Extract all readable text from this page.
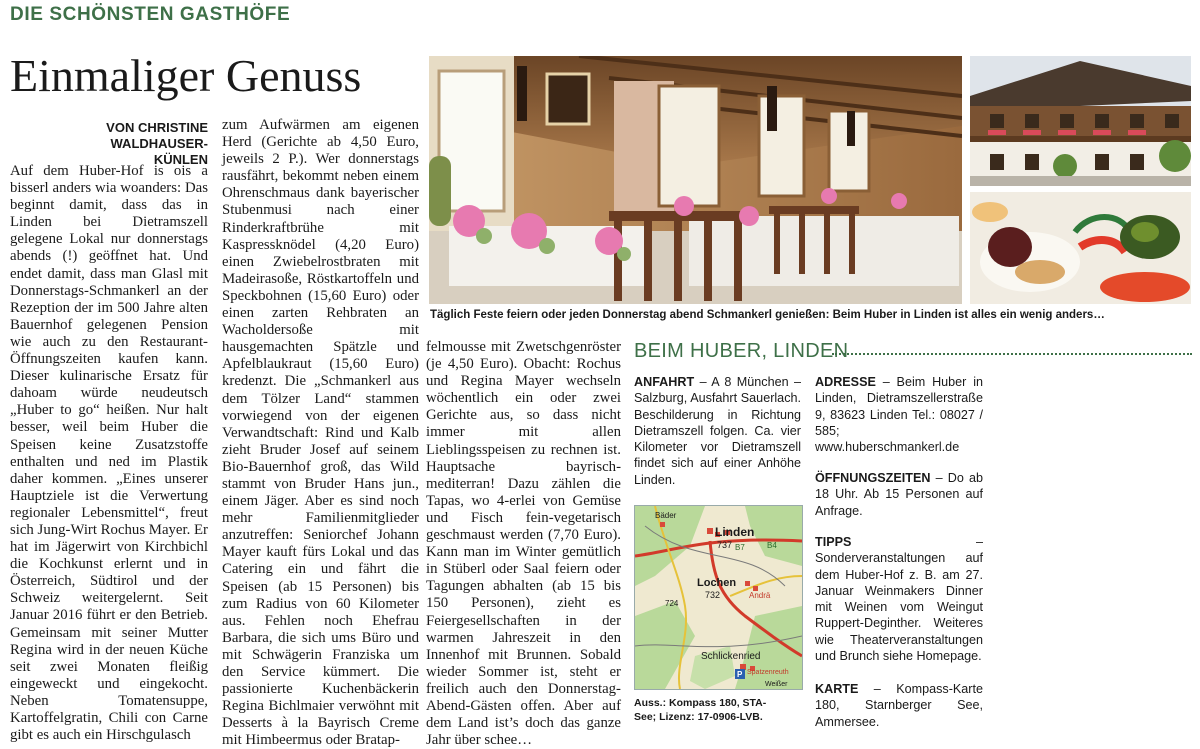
DIE SCHÖNSTEN GASTHÖFE
Einmaliger Genuss
VON CHRISTINE
WALDHAUSER-KÜNLEN
Auf dem Huber-Hof is ois a bisserl anders wia woanders: Das beginnt damit, dass das in Linden bei Dietramszell gelegene Lokal nur donnerstags abends (!) geöffnet hat. Und endet damit, dass man Glasl mit Donnerstags-Schmankerl an der Rezeption der im 500 Jahre alten Bauernhof gelegenen Pension wie auch zu den Restaurant-Öffnungszeiten kaufen kann. Dieser kulinarische Ersatz für dahoam würde neudeutsch „Huber to go“ heißen. Nur halt besser, weil beim Huber die Speisen keine Zusatzstoffe enthalten und ned im Plastik daher kommen. „Eines unserer Hauptziele ist die Verwertung regionaler Lebensmittel“, freut sich Jung-Wirt Rochus Mayer. Er hat im Jägerwirt von Kirchbichl die Kochkunst erlernt und in Österreich, Südtirol und der Schweiz weitergelernt. Seit Januar 2016 führt er den Betrieb. Gemeinsam mit seiner Mutter Regina wird in der neuen Küche seit zwei Monaten fleißig eingeweckt und eingekocht. Neben Tomatensuppe, Kartoffelgratin, Chili con Carne gibt es auch ein Hirschgulasch
zum Aufwärmen am eigenen Herd (Gerichte ab 4,50 Euro, jeweils 2 P.). Wer donnerstags rausfährt, bekommt neben einem Ohrenschmaus dank bayerischer Stubenmusi nach einer Rinderkraftbrühe mit Kaspressknödel (4,20 Euro) einen Zwiebelrostbraten mit Madeirasoße, Röstkartoffeln und Speckbohnen (15,60 Euro) oder einen zarten Rehbraten an Wacholdersoße mit hausgemachten Spätzle und Apfelblaukraut (15,60 Euro) kredenzt. Die „Schmankerl aus dem Tölzer Land“ stammen vorwiegend von der eigenen Verwandtschaft: Rind und Kalb zieht Bruder Josef auf seinem Bio-Bauernhof groß, das Wild stammt von Bruder Hans jun., einem Jäger. Aber es sind noch mehr Familienmitglieder anzutreffen: Seniorchef Johann Mayer kauft fürs Lokal und das Catering ein und fährt die Speisen (ab 15 Personen) bis zum Radius von 60 Kilometer aus. Fehlen noch Ehefrau Barbara, die sich ums Büro und mit Schwägerin Franziska um den Service kümmert. Die passionierte Kuchenbäckerin Regina Bichlmaier verwöhnt mit Desserts à la Bayrisch Creme mit Himbeermus oder Bratap-
felmousse mit Zwetschgenröster (je 4,50 Euro). Obacht: Rochus und Regina Mayer wechseln wöchentlich ein oder zwei Gerichte aus, so dass nicht immer mit allen Lieblingsspeisen zu rechnen ist. Hauptsache bayrisch-mediterran! Dazu zählen die Tapas, wo 4-erlei von Gemüse und Fisch fein-vegetarisch geschmaust werden (7,70 Euro). Kann man im Winter gemütlich in Stüberl oder Saal feiern oder Tagungen abhalten (ab 15 bis 150 Personen), zieht es Feiergesellschaften in der warmen Jahreszeit in den Innenhof mit Brunnen. Sobald wieder Sommer ist, steht er freilich auch den Donnerstag-Abend-Gästen offen. Aber auf dem Land ist’s doch das ganze Jahr über schee…
Täglich Feste feiern oder jeden Donnerstag abend Schmankerl genießen: Beim Huber in Linden ist alles ein wenig anders…
BEIM HUBER, LINDEN
ANFAHRT – A 8 München – Salzburg, Ausfahrt Sauerlach. Beschilderung in Richtung Dietramszell folgen. Ca. vier Kilometer vor Dietramszell findet sich auf einer Anhöhe Linden.
P
Linden
737
Lochen
732
Schlickenried
Bäder
Andrä
Spatzenreuth
B4
B7
724
Weißer
Auss.: Kompass 180, STA-
See; Lizenz: 17-0906-LVB.
ADRESSE – Beim Huber in Linden, Dietramszellerstraße 9, 83623 Linden Tel.: 08027 / 585; www.huberschmankerl.de
ÖFFNUNGSZEITEN – Do ab 18 Uhr. Ab 15 Personen auf Anfrage.
TIPPS	– Sonderveranstaltungen auf dem Huber-Hof z. B. am 27. Januar Weinmakers Dinner mit Weinen vom Weingut Ruppert-Deginther. Weiteres wie Theaterveranstaltungen und Brunch siehe Homepage.
KARTE – Kompass-Karte 180, Starnberger See, Ammersee.
